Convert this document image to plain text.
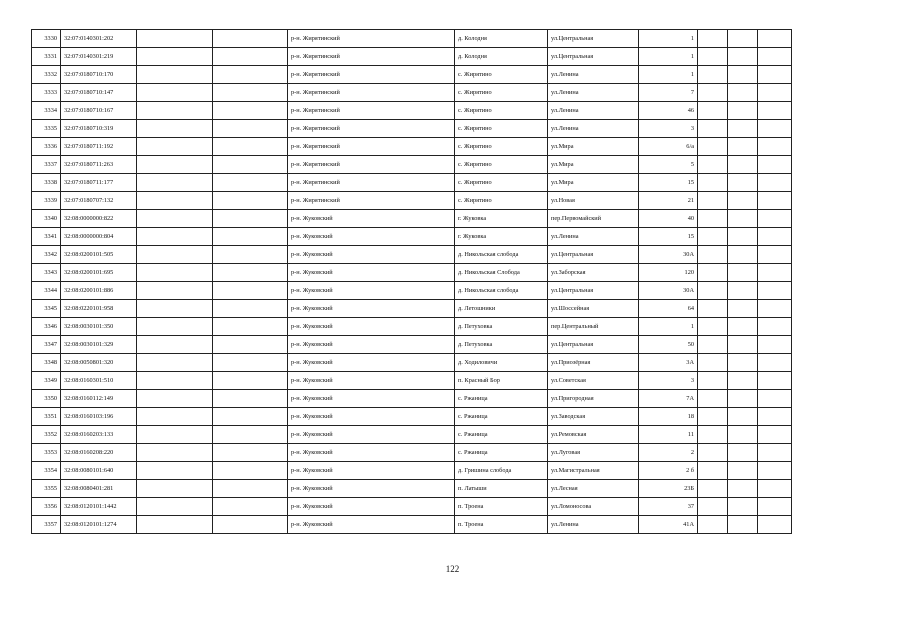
3330	32:07:0140301:202			р-н. Жирятинский	д. Колодня	ул.Центральная	1			
3331	32:07:0140301:219			р-н. Жирятинский	д. Колодня	ул.Центральная	1			
3332	32:07:0180710:170			р-н. Жирятинский	с. Жирятино	ул.Ленина	1			
3333	32:07:0180710:147			р-н. Жирятинский	с. Жирятино	ул.Ленина	7			
3334	32:07:0180710:167			р-н. Жирятинский	с. Жирятино	ул.Ленина	46			
3335	32:07:0180710:319			р-н. Жирятинский	с. Жирятино	ул.Ленина	3			
3336	32:07:0180711:192			р-н. Жирятинский	с. Жирятино	ул.Мира	6/а			
3337	32:07:0180711:263			р-н. Жирятинский	с. Жирятино	ул.Мира	5			
3338	32:07:0180711:177			р-н. Жирятинский	с. Жирятино	ул.Мира	15			
3339	32:07:0180707:132			р-н. Жирятинский	с. Жирятино	ул.Новая	21			
3340	32:08:0000000:822			р-н. Жуковский	г. Жуковка	пер.Первомайский	40			
3341	32:08:0000000:804			р-н. Жуковский	г. Жуковка	ул.Ленина	15			
3342	32:08:0200101:505			р-н. Жуковский	д. Никольская слобода	ул.Центральная	30А			
3343	32:08:0200101:695			р-н. Жуковский	д. Никольская Слобода	ул.Заборская	120			
3344	32:08:0200101:886			р-н. Жуковский	д. Никольская слобода	ул.Центральная	30А			
3345	32:08:0220101:958			р-н. Жуковский	д. Летошники	ул.Шоссейная	64			
3346	32:08:0030101:350			р-н. Жуковский	д. Петуховка	пер.Центральный	1			
3347	32:08:0030101:329			р-н. Жуковский	д. Петуховка	ул.Центральная	50			
3348	32:08:0050801:320			р-н. Жуковский	д. Ходиловичи	ул.Приозёрная	3А			
3349	32:08:0160301:510			р-н. Жуковский	п. Красный Бор	ул.Советская	3			
3350	32:08:0160112:149			р-н. Жуковский	с. Ржаница	ул.Пригородная	7А			
3351	32:08:0160103:196			р-н. Жуковский	с. Ржаница	ул.Заводская	18			
3352	32:08:0160203:133			р-н. Жуковский	с. Ржаница	ул.Ремовская	11			
3353	32:08:0160208:220			р-н. Жуковский	с. Ржаница	ул.Луговая	2			
3354	32:08:0080101:640			р-н. Жуковский	д. Гришина слобода	ул.Магистральная	2 б			
3355	32:08:0080401:281			р-н. Жуковский	п. Латыши	ул.Лесная	23Б			
3356	32:08:0120101:1442			р-н. Жуковский	п. Троена	ул.Ломоносова	37			
3357	32:08:0120101:1274			р-н. Жуковский	п. Троена	ул.Ленина	41А			
122
